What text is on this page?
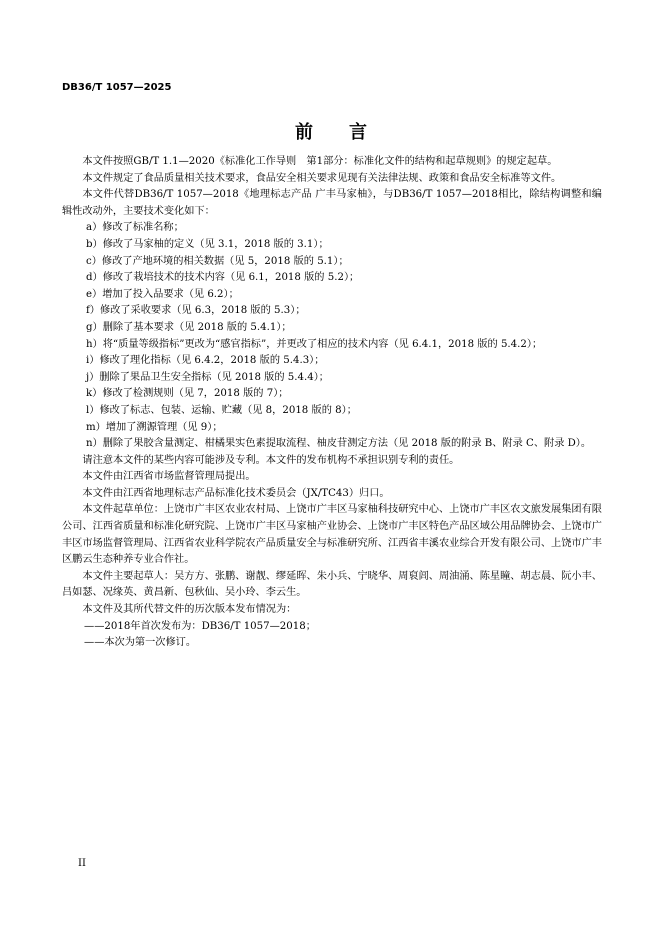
DB36/T 1057—2025
前　　言

本文件按照GB/T 1.1—2020《标准化工作导则　第1部分：标准化文件的结构和起草规则》的规定起草。

本文件规定了食品质量相关技术要求，食品安全相关要求见现有关法律法规、政策和食品安全标准等文件。

本文件代替DB36/T 1057—2018《地理标志产品 广丰马家柚》，与DB36/T 1057—2018相比，除结构调整和编辑性改动外，主要技术变化如下：

a）修改了标准名称；

b）修改了马家柚的定义（见 3.1，2018 版的 3.1）；

c）修改了产地环境的相关数据（见 5，2018 版的 5.1）；

d）修改了栽培技术的技术内容（见 6.1，2018 版的 5.2）；

e）增加了投入品要求（见 6.2）；

f）修改了采收要求（见 6.3，2018 版的 5.3）；

g）删除了基本要求（见 2018 版的 5.4.1）；

h）将“质量等级指标”更改为“感官指标”，并更改了相应的技术内容（见 6.4.1，2018 版的 5.4.2）；

i）修改了理化指标（见 6.4.2，2018 版的 5.4.3）；

j）删除了果品卫生安全指标（见 2018 版的 5.4.4）；

k）修改了检测规则（见 7，2018 版的 7）；

l）修改了标志、包装、运输、贮藏（见 8，2018 版的 8）；

m）增加了溯源管理（见 9）；

n）删除了果胶含量测定、柑橘果实色素提取流程、柚皮苷测定方法（见 2018 版的附录 B、附录 C、附录 D）。

请注意本文件的某些内容可能涉及专利。本文件的发布机构不承担识别专利的责任。

本文件由江西省市场监督管理局提出。

本文件由江西省地理标志产品标准化技术委员会（JX/TC43）归口。

本文件起草单位：上饶市广丰区农业农村局、上饶市广丰区马家柚科技研究中心、上饶市广丰区农文旅发展集团有限公司、江西省质量和标准化研究院、上饶市广丰区马家柚产业协会、上饶市广丰区特色产品区域公用品牌协会、上饶市广丰区市场监督管理局、江西省农业科学院农产品质量安全与标准研究所、江西省丰溪农业综合开发有限公司、上饶市广丰区鹏云生态种养专业合作社。

本文件主要起草人：吴方方、张鹏、谢靓、缪延晖、朱小兵、宁晓华、周裒闾、周油涌、陈星瞳、胡志晨、阮小丰、吕如瑟、况缘英、黄昌新、包秋仙、吴小玲、李云生。

本文件及其所代替文件的历次版本发布情况为：

——2018年首次发布为：DB36/T 1057—2018；

——本次为第一次修订。

II
